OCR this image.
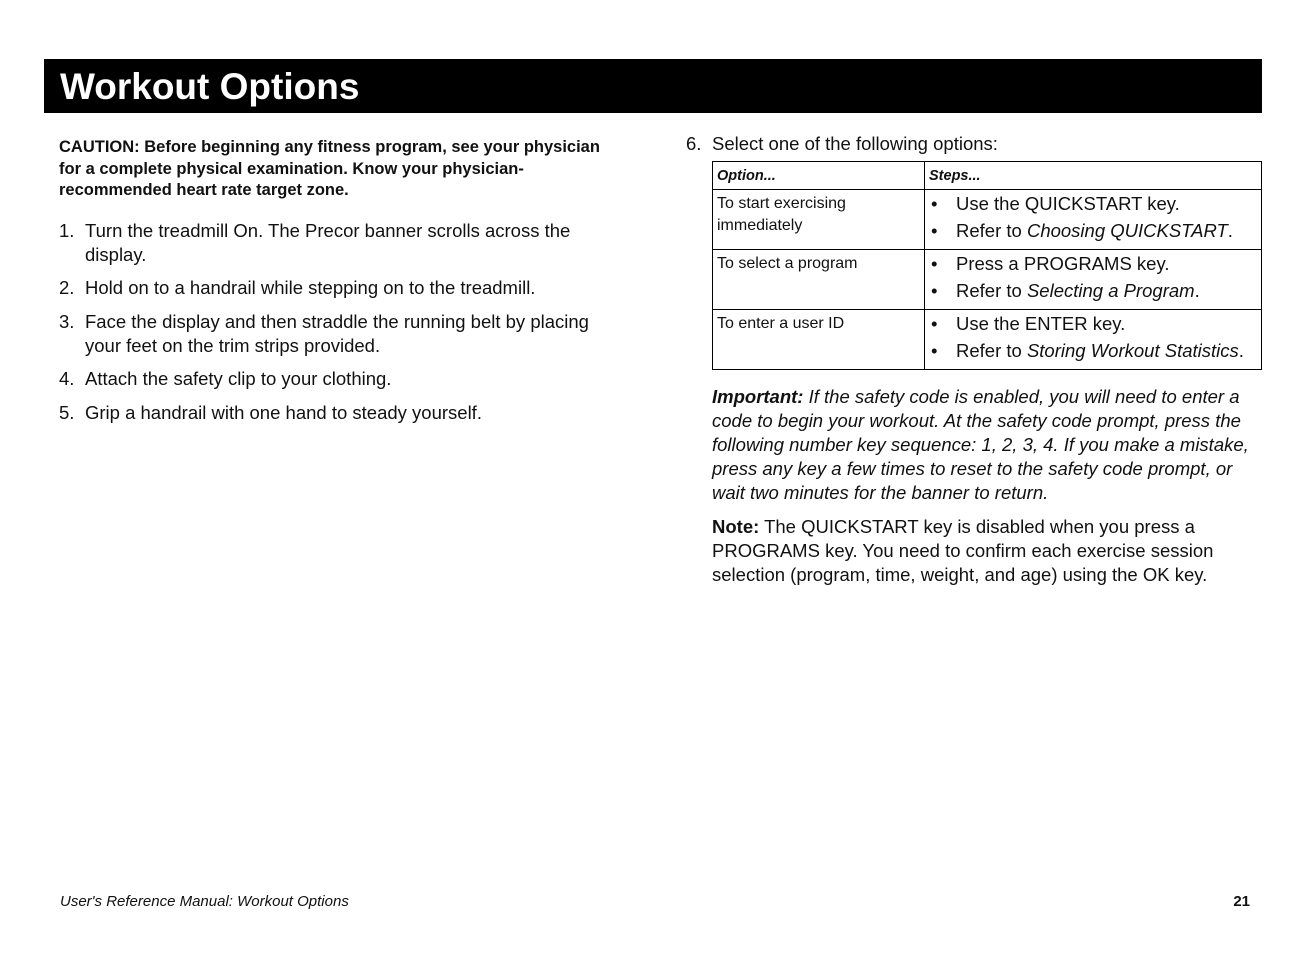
Workout Options

CAUTION: Before beginning any fitness program, see your physician for a complete physical examination. Know your physician-recommended heart rate target zone.

1. Turn the treadmill On. The Precor banner scrolls across the display.
2. Hold on to a handrail while stepping on to the treadmill.
3. Face the display and then straddle the running belt by placing your feet on the trim strips provided.
4. Attach the safety clip to your clothing.
5. Grip a handrail with one hand to steady yourself.

6. Select one of the following options:

Option...	Steps...
To start exercising immediately	• Use the QUICKSTART key.
• Refer to Choosing QUICKSTART.

To select a program	• Press a PROGRAMS key.
• Refer to Selecting a Program.

To enter a user ID	• Use the ENTER key.
• Refer to Storing Workout Statistics.

Important: If the safety code is enabled, you will need to enter a code to begin your workout. At the safety code prompt, press the following number key sequence: 1, 2, 3, 4. If you make a mistake, press any key a few times to reset to the safety code prompt, or wait two minutes for the banner to return.

Note: The QUICKSTART key is disabled when you press a PROGRAMS key. You need to confirm each exercise session selection (program, time, weight, and age) using the OK key.

User's Reference Manual: Workout Options	21
